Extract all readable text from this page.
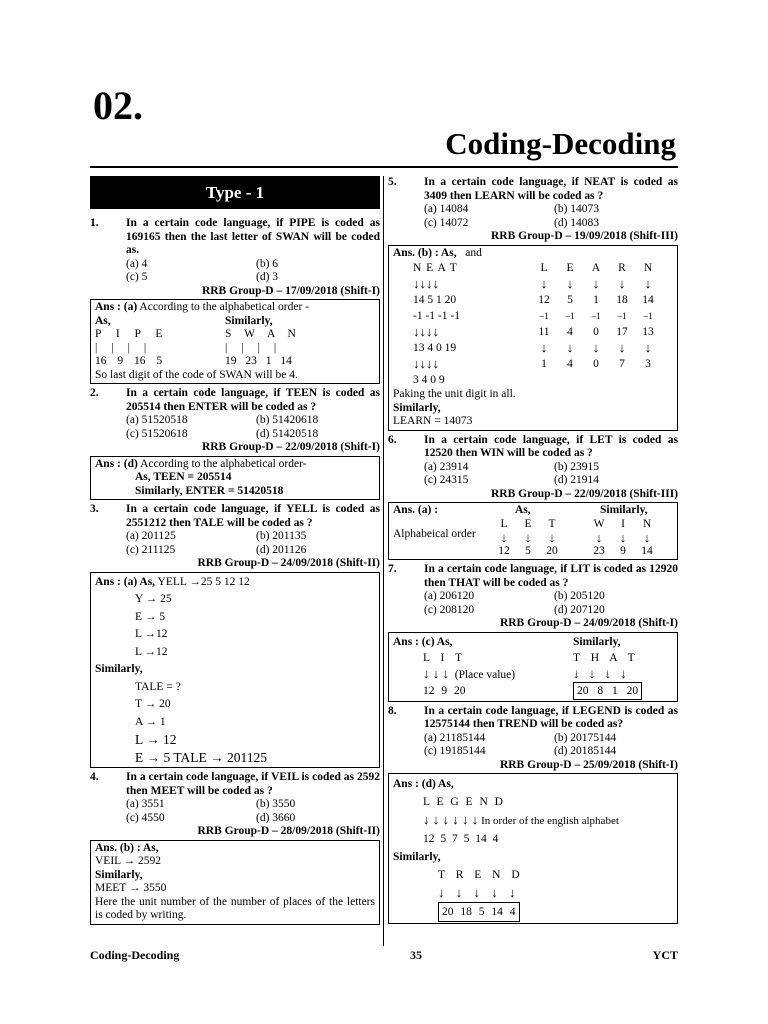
02.
Coding-Decoding
Type - 1
1.	In a certain code language, if PIPE is coded as 169165 then the last letter of SWAN will be coded as.
(a) 4	(b) 6
(c) 5	(d) 3
RRB Group-D – 17/09/2018 (Shift-I)
Ans : (a) According to the alphabetical order -
As,
P I P E
||||
16 9 16 5
Similarly,
S W A N
||||
19 23 1 14
So last digit of the code of SWAN will be 4.
2.	In a certain code language, if TEEN is coded as 205514 then ENTER will be coded as ?
(a) 51520518	(b) 51420618
(c) 51520618	(d) 51420518
RRB Group-D – 22/09/2018 (Shift-I)
Ans : (d) According to the alphabetical order-
As, TEEN = 205514
Similarly, ENTER = 51420518
3.	In a certain code language, if YELL is coded as 2551212 then TALE will be coded as ?
(a) 201125	(b) 201135
(c) 211125	(d) 201126
RRB Group-D – 24/09/2018 (Shift-II)
Ans : (a) As, YELL →25 5 12 12
Y → 25
E → 5
L →12
L →12
Similarly,
TALE = ?
T → 20
A → 1
L → 12
E → 5 TALE → 201125
4.	In a certain code language, if VEIL is coded as 2592 then MEET will be coded as ?
(a) 3551	(b) 3550
(c) 4550	(d) 3660
RRB Group-D – 28/09/2018 (Shift-II)
Ans. (b) : As,
VEIL → 2592
Similarly,
MEET → 3550
Here the unit number of the number of places of the letters is coded by writing.
5.	In a certain code language, if NEAT is coded as 3409 then LEARN will be coded as ?
(a) 14084	(b) 14073
(c) 14072	(d) 14083
RRB Group-D – 19/09/2018 (Shift-III)
Ans. (b) : As, and
N E A T
↓↓↓↓
14 5 1 20
-1 -1 -1 -1
↓↓↓↓
13 4 0 19
↓↓↓↓
3 4 0 9
L	E	A	R	N
↓	↓	↓	↓	↓
12	5	1	18	14
–1	–1	–1	–1	–1
11	4	0	17	13
↓	↓	↓	↓	↓
1	4	0	7	3
Paking the unit digit in all.
Similarly,
LEARN = 14073
6.	In a certain code language, if LET is coded as 12520 then WIN will be coded as ?
(a) 23914	(b) 23915
(c) 24315	(d) 21914
RRB Group-D – 22/09/2018 (Shift-III)
Ans. (a) :
Alphabeical order
As,
L	E	T
↓	↓	↓
12	5	20
Similarly,
W	I	N
↓	↓	↓
23	9	14
7.	In a certain code language, if LIT is coded as 12920 then THAT will be coded as ?
(a) 206120	(b) 205120
(c) 208120	(d) 207120
RRB Group-D – 24/09/2018 (Shift-I)
Ans : (c) As,
L I T
↓ ↓ ↓ (Place value)
12 9 20
Similarly,
T H A T
↓ ↓ ↓ ↓
20 8 1 20
8.	In a certain code language, if LEGEND is coded as 12575144 then TREND will be coded as?
(a) 21185144	(b) 20175144
(c) 19185144	(d) 20185144
RRB Group-D – 25/09/2018 (Shift-I)
Ans : (d) As,
L E G E N D
↓ ↓ ↓ ↓ ↓ ↓ In order of the english alphabet
12 5 7 5 14 4
Similarly,
T R E N D
↓ ↓ ↓ ↓ ↓
20 18 5 14 4
Coding-Decoding	35	YCT
